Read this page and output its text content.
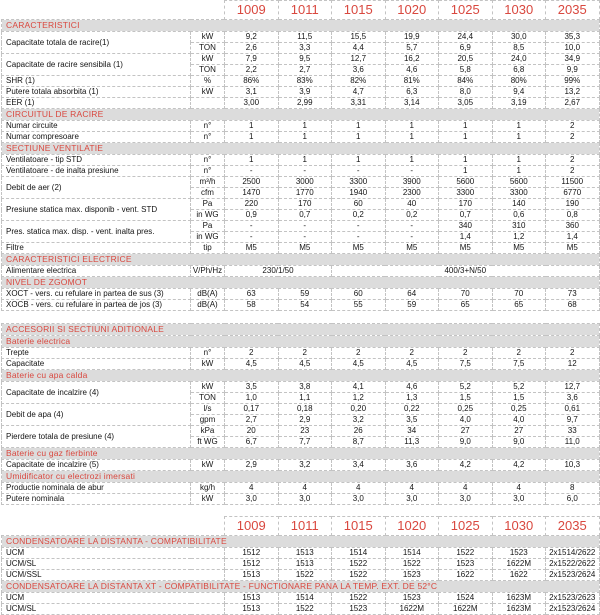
		1009	1011	1015	1020	1025	1030	2035
CARACTERISTICI								
Capacitate totala de racire(1)	kW	9,2	11,5	15,5	19,9	24,4	30,0	35,3
	TON	2,6	3,3	4,4	5,7	6,9	8,5	10,0
Capacitate de racire sensibila (1)	kW	7,9	9,5	12,7	16,2	20,5	24,0	34,9
	TON	2,2	2,7	3,6	4,6	5,8	6,8	9,9
SHR (1)	%	86%	83%	82%	81%	84%	80%	99%
Putere totala absorbita (1)	kW	3,1	3,9	4,7	6,3	8,0	9,4	13,2
EER (1)		3,00	2,99	3,31	3,14	3,05	3,19	2,67
CIRCUITUL DE RACIRE								
Numar circuite	n°	1	1	1	1	1	1	2
Numar compresoare	n°	1	1	1	1	1	1	2
SECTIUNE VENTILATIE								
Ventilatoare - tip STD	n°	1	1	1	1	1	1	2
Ventilatoare - de inalta presiune	n°	-	-	-	-	1	1	2
Debit de aer (2)	m³/h	2500	3000	3300	3900	5600	5600	11500
	cfm	1470	1770	1940	2300	3300	3300	6770
Presiune statica max. disponib - vent. STD	Pa	220	170	60	40	170	140	190
	in WG	0,9	0,7	0,2	0,2	0,7	0,6	0,8
Pres. statica max. disp. - vent. inalta pres.	Pa	-	-	-	-	340	310	360
	in WG	-	-	-	-	1,4	1,2	1,4
Filtre	tip	M5	M5	M5	M5	M5	M5	M5
CARACTERISTICI ELECTRICE								
Alimentare electrica	V/Ph/Hz	230/1/50		400/3+N/50				
NIVEL DE ZGOMOT								
XOCT - vers. cu refulare in partea de sus (3)	dB(A)	63	59	60	64	70	70	73
XOCB - vers. cu refulare in partea de jos (3)	dB(A)	58	54	55	59	65	65	68

ACCESORII SI SECTIUNI ADITIONALE								
Baterie electrica								
Trepte	n°	2	2	2	2	2	2	2
Capacitate	kW	4,5	4,5	4,5	4,5	7,5	7,5	12
Baterie cu apa calda								
Capacitate de incalzire (4)	kW	3,5	3,8	4,1	4,6	5,2	5,2	12,7
	TON	1,0	1,1	1,2	1,3	1,5	1,5	3,6
Debit de apa (4)	l/s	0,17	0,18	0,20	0,22	0,25	0,25	0,61
	gpm	2,7	2,9	3,2	3,5	4,0	4,0	9,7
Pierdere totala de presiune (4)	kPa	20	23	26	34	27	27	33
	ft WG	6,7	7,7	8,7	11,3	9,0	9,0	11,0
Baterie cu gaz fierbinte								
Capacitate de incalzire (5)	kW	2,9	3,2	3,4	3,6	4,2	4,2	10,3
Umidificator cu electrozi imersati								
Productie nominala de abur	kg/h	4	4	4	4	4	4	8
Putere nominala	kW	3,0	3,0	3,0	3,0	3,0	3,0	6,0
	1009	1011	1015	1020	1025	1030	2035
CONDENSATOARE LA DISTANTA - COMPATIBILITATE							
UCM	1512	1513	1514	1514	1522	1523	2x1514/2622
UCM/SL	1512	1513	1522	1522	1523	1622M	2x1522/2622
UCM/SSL	1513	1522	1522	1523	1622	1622	2x1523/2624
CONDENSATOARE LA DISTANTA XT - COMPATIBILITATE - FUNCTIONARE PANA LA TEMP. EXT. DE 52°C							
UCM	1513	1514	1522	1523	1524	1623M	2x1523/2623
UCM/SL	1513	1522	1523	1622M	1622M	1623M	2x1523/2624
